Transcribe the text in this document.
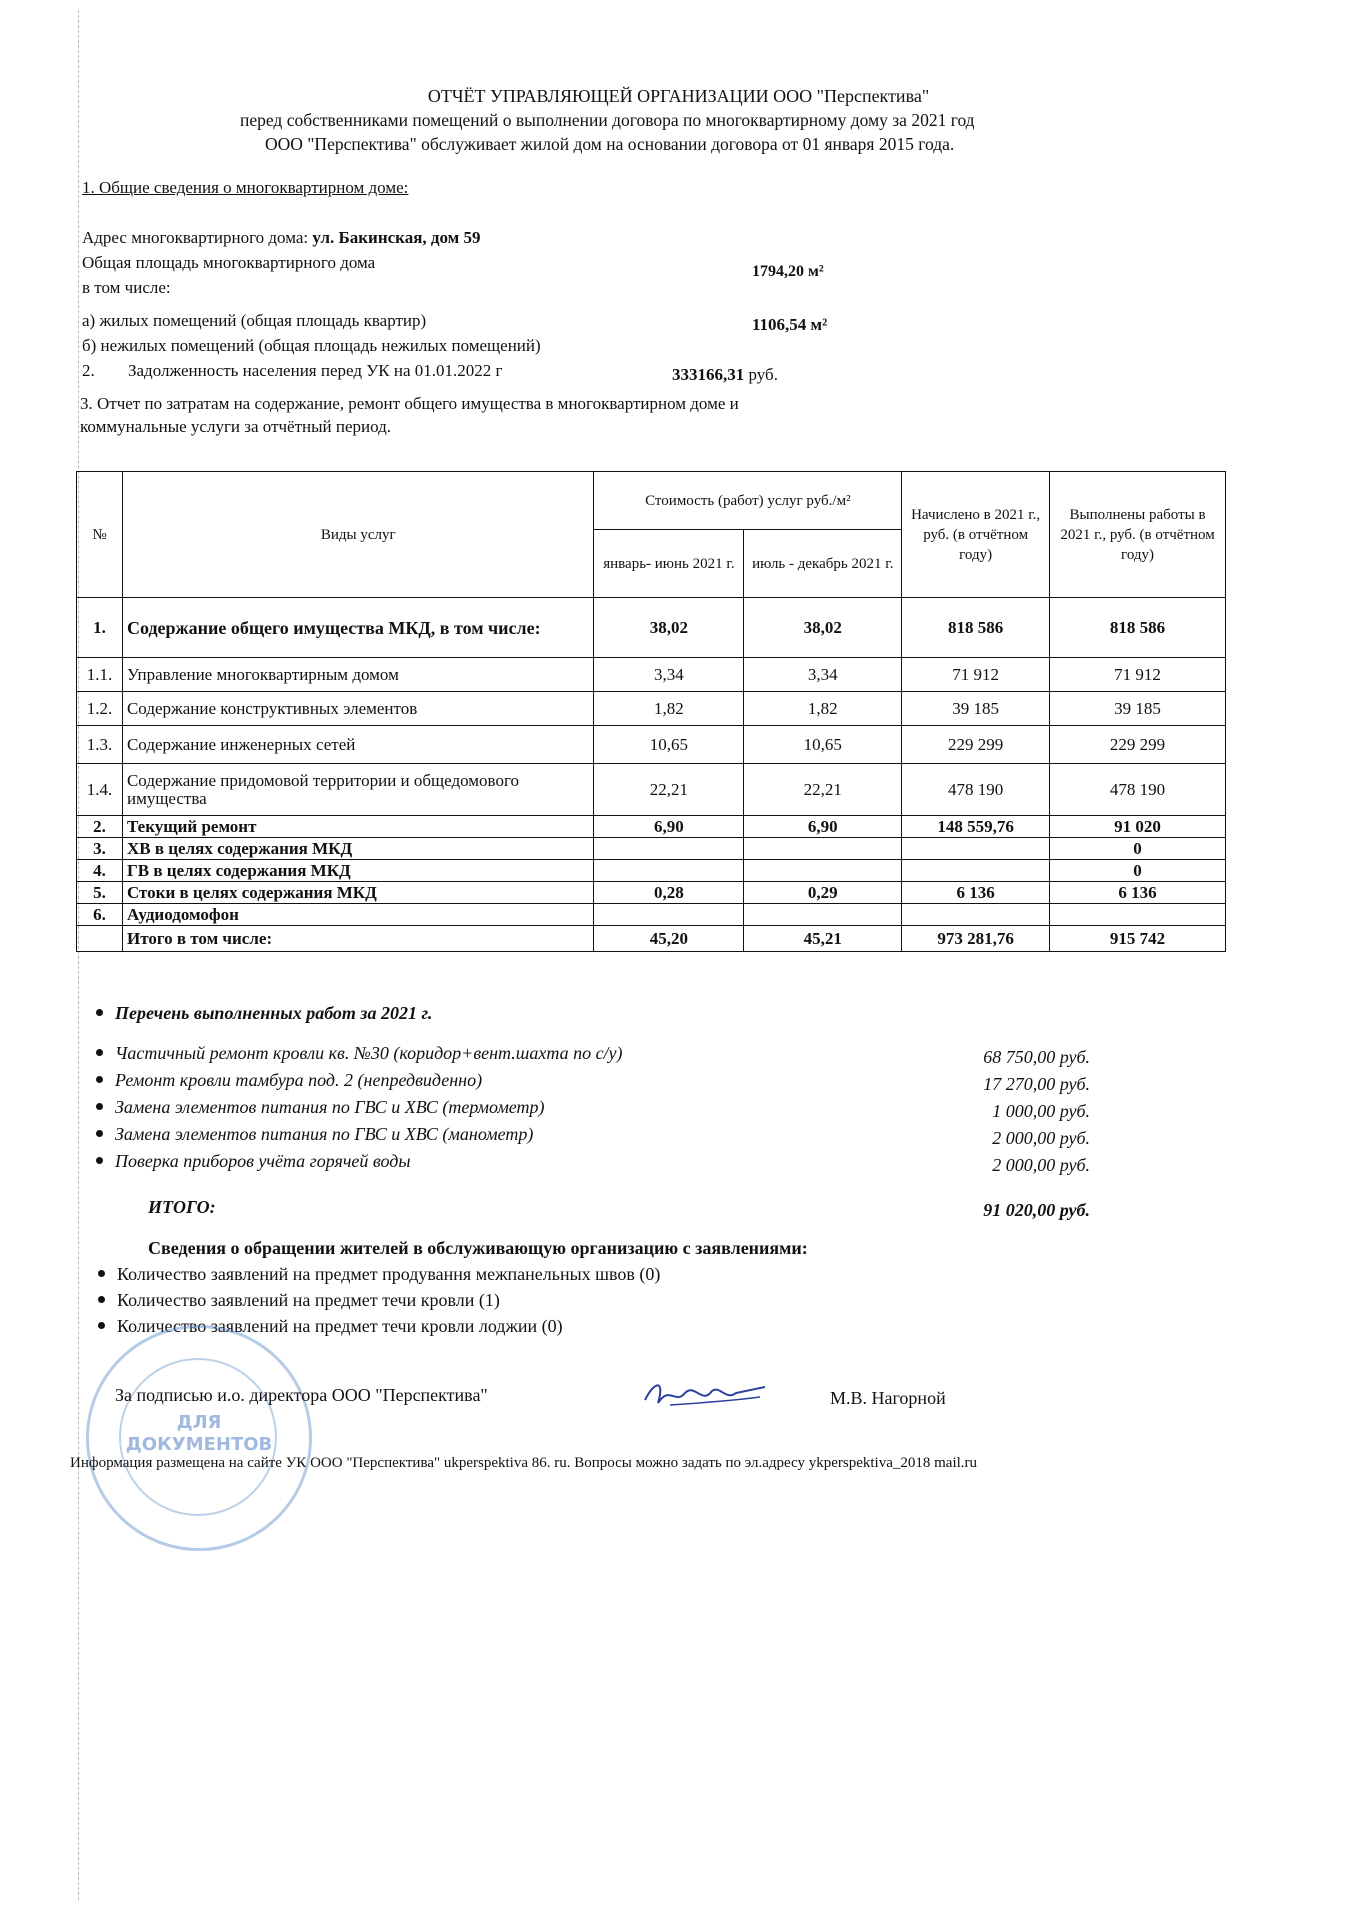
ОТЧЁТ УПРАВЛЯЮЩЕЙ ОРГАНИЗАЦИИ ООО "Перспектива"
перед собственниками помещений о выполнении договора по многоквартирному дому за 2021 год
ООО "Перспектива" обслуживает жилой дом на основании договора от 01 января 2015 года.
1. Общие сведения о многоквартирном доме:
Адрес многоквартирного дома: ул. Бакинская, дом 59
Общая площадь многоквартирного дома	1794,20 м²
в том числе:
а) жилых помещений (общая площадь квартир)	1106,54 м²
б) нежилых помещений (общая площадь нежилых помещений)
2. Задолженность населения перед УК на 01.01.2022 г	333166,31 руб.
3. Отчет по затратам на содержание, ремонт общего имущества в многоквартирном доме и
коммунальные услуги за отчётный период.
№	Виды услуг	Стоимость (работ) услуг руб./м²		Начислено в 2021 г., руб. (в отчётном году)	Выполнены работы в 2021 г., руб. (в отчётном году)
		январь- июнь 2021 г.	июль - декабрь 2021 г.		
1.	Содержание общего имущества МКД, в том числе:	38,02	38,02	818 586	818 586
1.1.	Управление многоквартирным домом	3,34	3,34	71 912	71 912
1.2.	Содержание конструктивных элементов	1,82	1,82	39 185	39 185
1.3.	Содержание инженерных сетей	10,65	10,65	229 299	229 299
1.4.	Содержание придомовой территории и общедомового имущества	22,21	22,21	478 190	478 190
2.	Текущий ремонт	6,90	6,90	148 559,76	91 020
3.	ХВ в целях содержания МКД				0
4.	ГВ в целях содержания МКД				0
5.	Стоки в целях содержания МКД	0,28	0,29	6 136	6 136
6.	Аудиодомофон				
	Итого в том числе:	45,20	45,21	973 281,76	915 742
Перечень выполненных работ за 2021 г.
Частичный ремонт кровли кв. №30 (коридор+вент.шахта по с/у)	68 750,00 руб.
Ремонт кровли тамбура под. 2 (непредвиденно)	17 270,00 руб.
Замена элементов питания по ГВС и ХВС (термометр)	1 000,00 руб.
Замена элементов питания по ГВС и ХВС (манометр)	2 000,00 руб.
Поверка приборов учёта горячей воды	2 000,00 руб.
ИТОГО:	91 020,00 руб.
Сведения о обращении жителей в обслуживающую организацию с заявлениями:
Количество заявлений на предмет продування межпанельных швов (0)
Количество заявлений на предмет течи кровли (1)
Количество заявлений на предмет течи кровли лоджии (0)
ДЛЯ
ДОКУМЕНТОВ
За подписью и.о. директора ООО "Перспектива"	М.В. Нагорной
Информация размещена на сайте УК ООО "Перспектива" ukperspektiva 86. ru. Вопросы можно задать по эл.адресу ykperspektiva_2018 mail.ru
